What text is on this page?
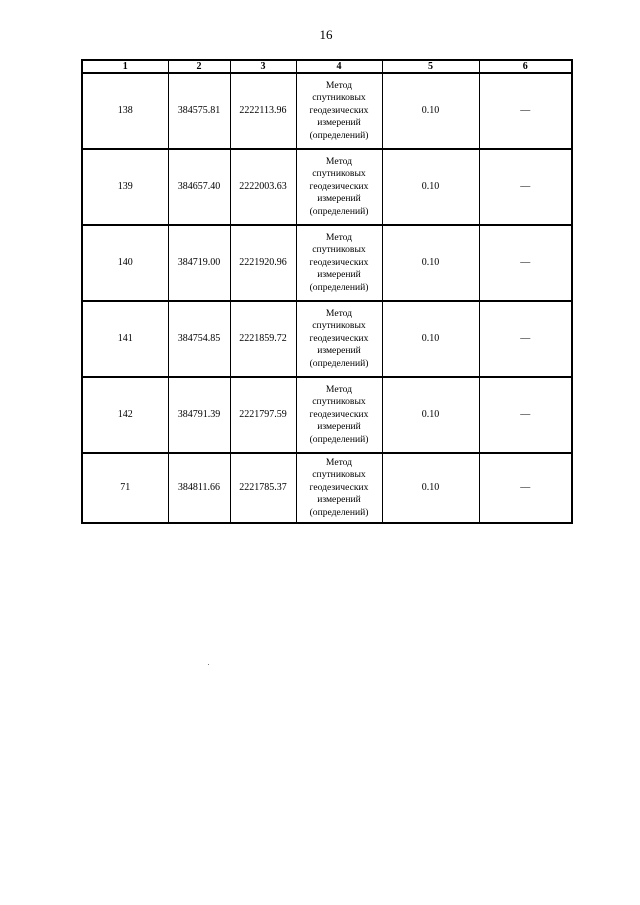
16
1	2	3	4	5	6
138	384575.81	2222113.96	Метод
спутниковых
геодезических
измерений
(определений)	0.10	—
139	384657.40	2222003.63	Метод
спутниковых
геодезических
измерений
(определений)	0.10	—
140	384719.00	2221920.96	Метод
спутниковых
геодезических
измерений
(определений)	0.10	—
141	384754.85	2221859.72	Метод
спутниковых
геодезических
измерений
(определений)	0.10	—
142	384791.39	2221797.59	Метод
спутниковых
геодезических
измерений
(определений)	0.10	—
71	384811.66	2221785.37	Метод
спутниковых
геодезических
измерений
(определений)	0.10	—
